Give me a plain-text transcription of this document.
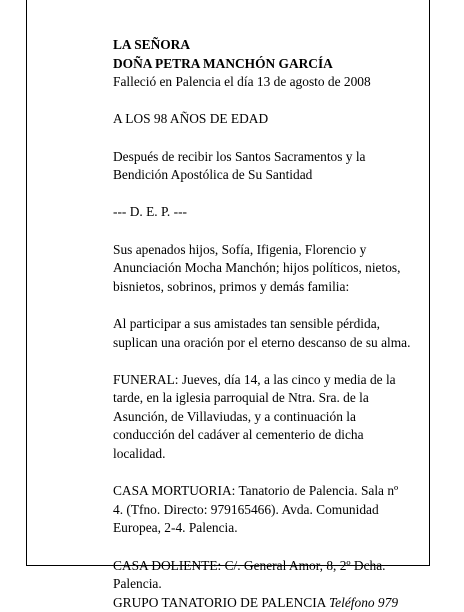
LA SEÑORA
DOÑA PETRA MANCHÓN GARCÍA
Falleció en Palencia el día 13 de agosto de 2008
A LOS 98 AÑOS DE EDAD
Después de recibir los Santos Sacramentos y la
Bendición Apostólica de Su Santidad
--- D. E. P. ---
Sus apenados hijos, Sofía, Ifigenia, Florencio y
Anunciación Mocha Manchón; hijos políticos, nietos,
bisnietos, sobrinos, primos y demás familia:
Al participar a sus amistades tan sensible pérdida,
suplican una oración por el eterno descanso de su alma.
FUNERAL: Jueves, día 14, a las cinco y media de la
tarde, en la iglesia parroquial de Ntra. Sra. de la
Asunción, de Villaviudas, y a continuación la
conducción del cadáver al cementerio de dicha
localidad.
CASA MORTUORIA: Tanatorio de Palencia. Sala nº
4. (Tfno. Directo: 979165466). Avda. Comunidad
Europea, 2-4. Palencia.
CASA DOLIENTE: C/. General Amor, 8, 2º Dcha.
Palencia.
GRUPO TANATORIO DE PALENCIA Teléfono 979
